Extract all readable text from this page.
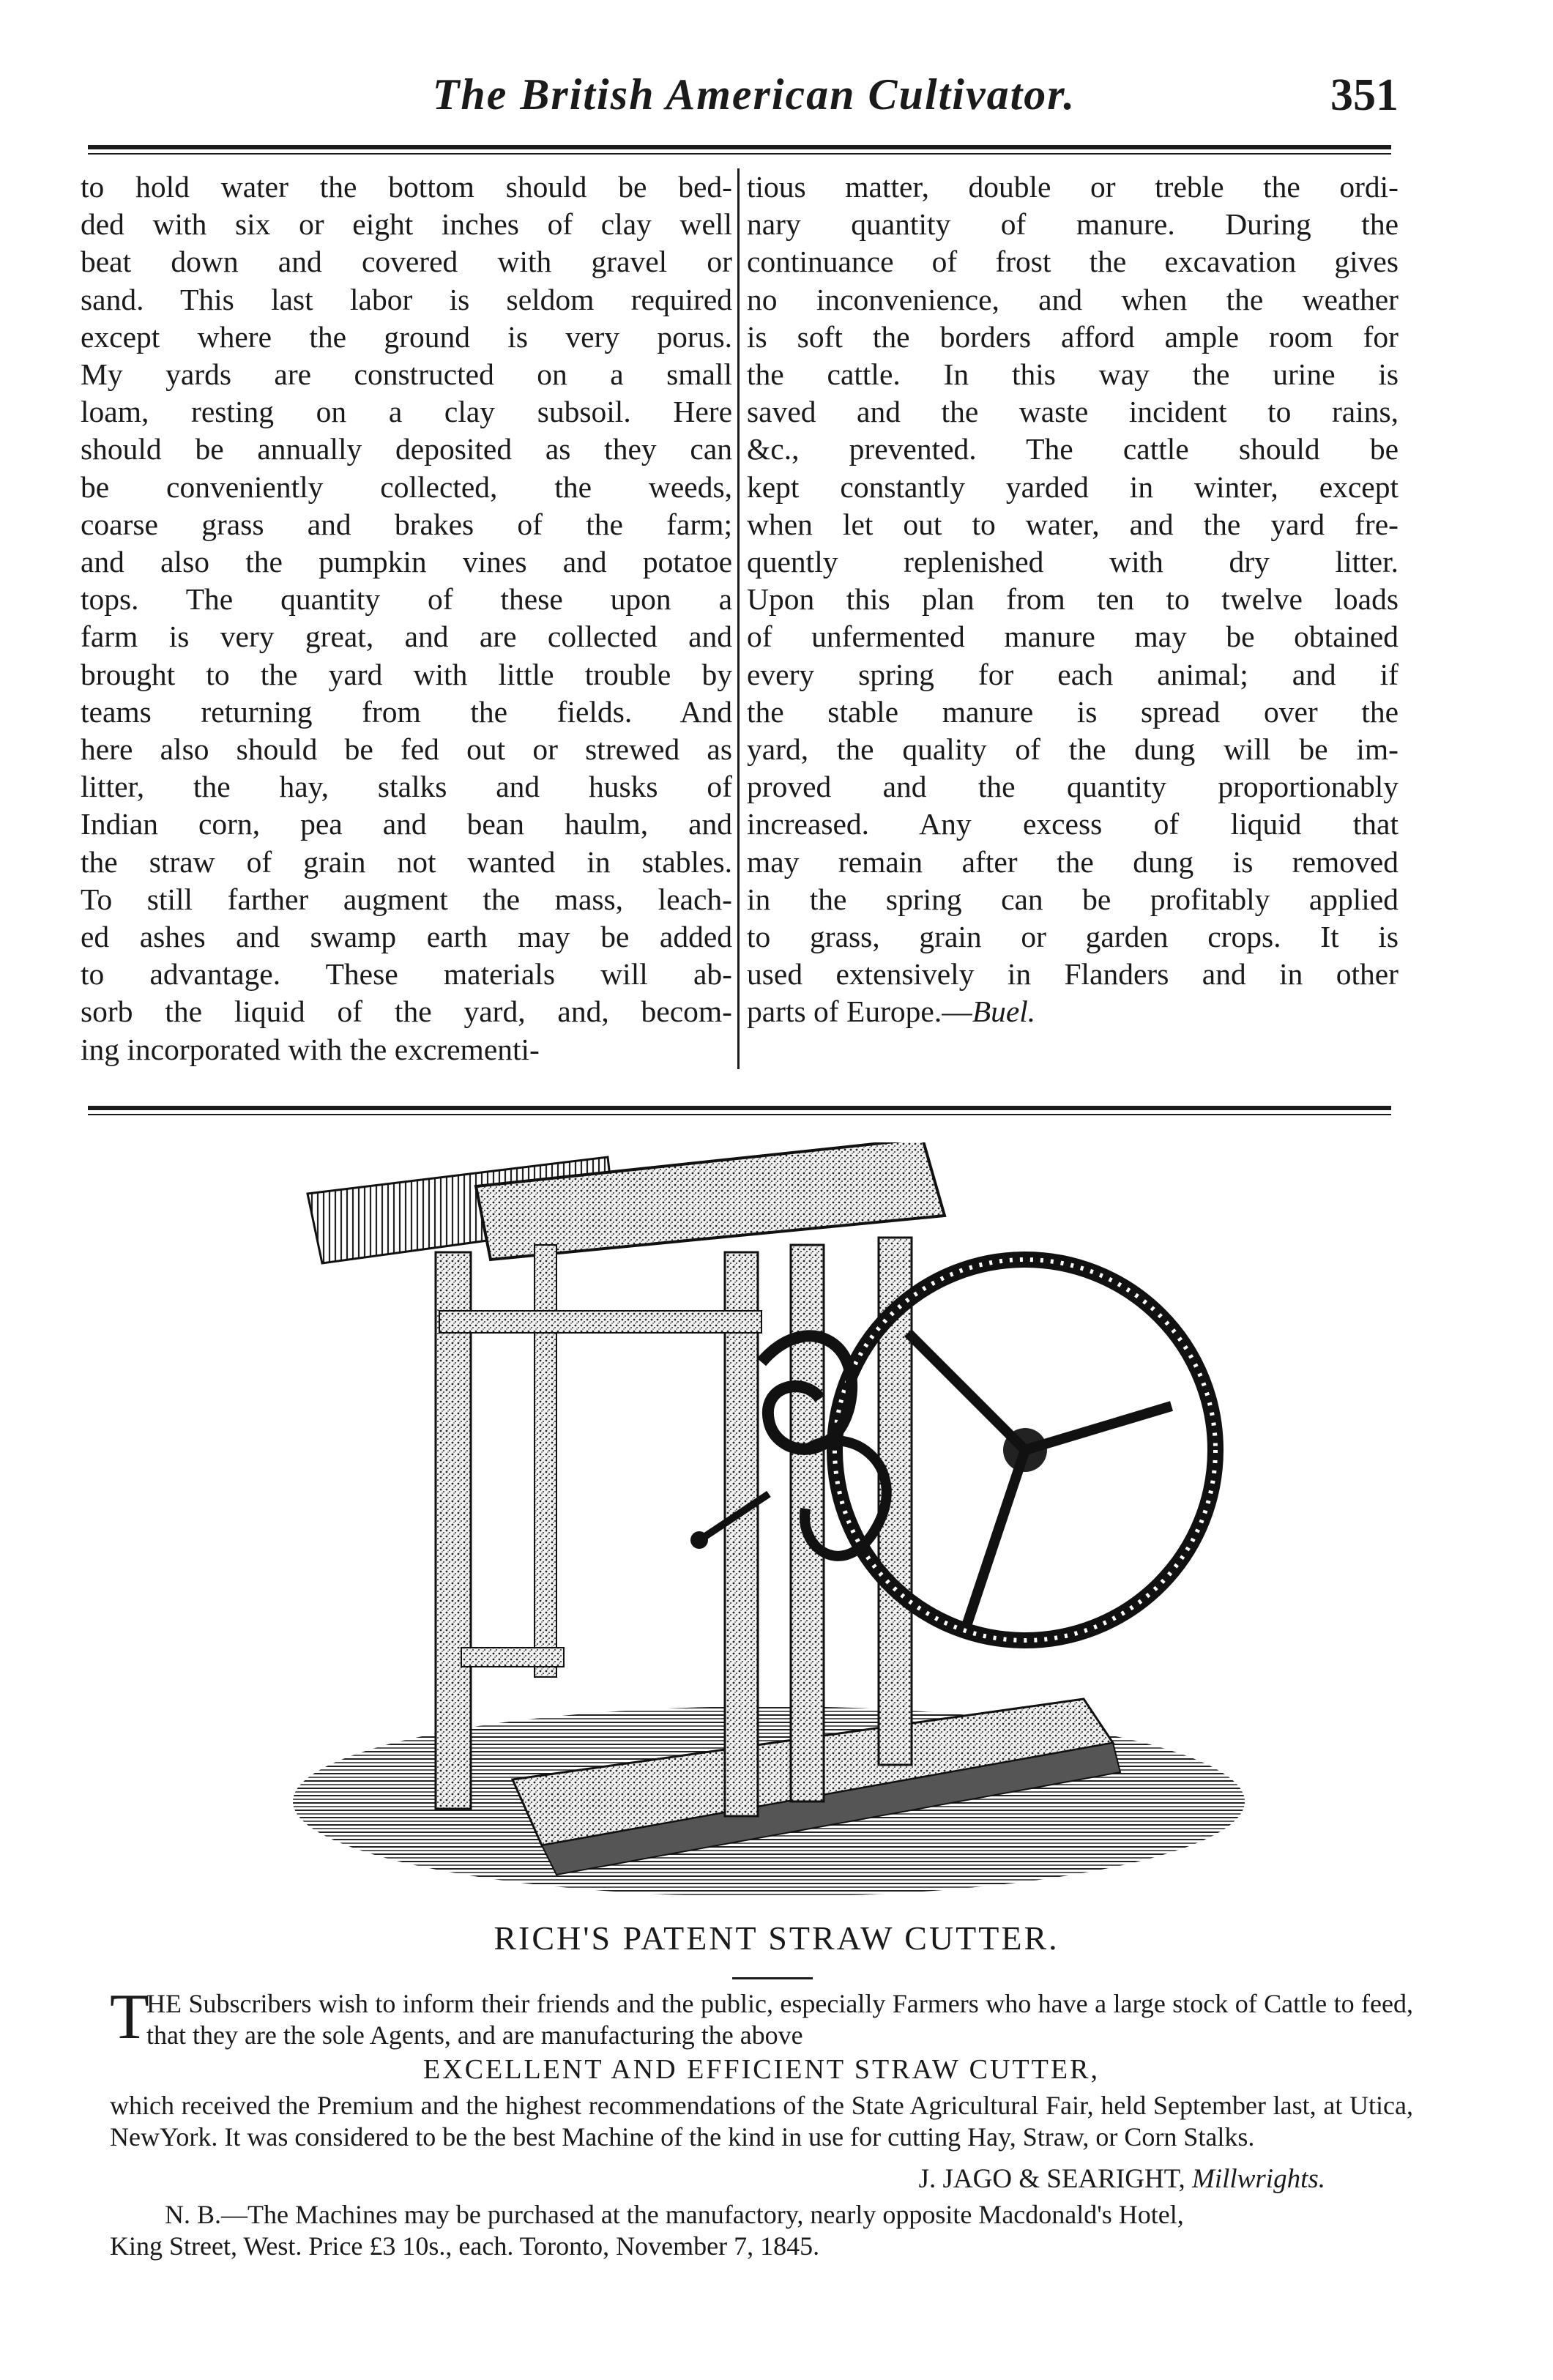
The British American Cultivator.	351
to hold water the bottom should be bed-
ded with six or eight inches of clay well
beat down and covered with gravel or
sand. This last labor is seldom required
except where the ground is very porus.
My yards are constructed on a small
loam, resting on a clay subsoil. Here
should be annually deposited as they can
be conveniently collected, the weeds,
coarse grass and brakes of the farm;
and also the pumpkin vines and potatoe
tops. The quantity of these upon a
farm is very great, and are collected and
brought to the yard with little trouble by
teams returning from the fields. And
here also should be fed out or strewed as
litter, the hay, stalks and husks of
Indian corn, pea and bean haulm, and
the straw of grain not wanted in stables.
To still farther augment the mass, leach-
ed ashes and swamp earth may be added
to advantage. These materials will ab-
sorb the liquid of the yard, and, becom-
ing incorporated with the excrementi-
tious matter, double or treble the ordi-
nary quantity of manure. During the
continuance of frost the excavation gives
no inconvenience, and when the weather
is soft the borders afford ample room for
the cattle. In this way the urine is
saved and the waste incident to rains,
&c., prevented. The cattle should be
kept constantly yarded in winter, except
when let out to water, and the yard fre-
quently replenished with dry litter.
Upon this plan from ten to twelve loads
of unfermented manure may be obtained
every spring for each animal; and if
the stable manure is spread over the
yard, the quality of the dung will be im-
proved and the quantity proportionably
increased. Any excess of liquid that
may remain after the dung is removed
in the spring can be profitably applied
to grass, grain or garden crops. It is
used extensively in Flanders and in other
parts of Europe.—Buel.
RICH'S PATENT STRAW CUTTER.
T
HE Subscribers wish to inform their friends and the public, especially Farmers who have a large stock of Cattle to feed, that they are the sole Agents, and are manufacturing the above
EXCELLENT AND EFFICIENT STRAW CUTTER,
which received the Premium and the highest recommendations of the State Agricultural Fair, held September last, at Utica, NewYork. It was considered to be the best Machine of the kind in use for cutting Hay, Straw, or Corn Stalks.
J. JAGO & SEARIGHT, Millwrights.
N. B.—The Machines may be purchased at the manufactory, nearly opposite Macdonald's Hotel,
King Street, West. Price £3 10s., each. Toronto, November 7, 1845.
